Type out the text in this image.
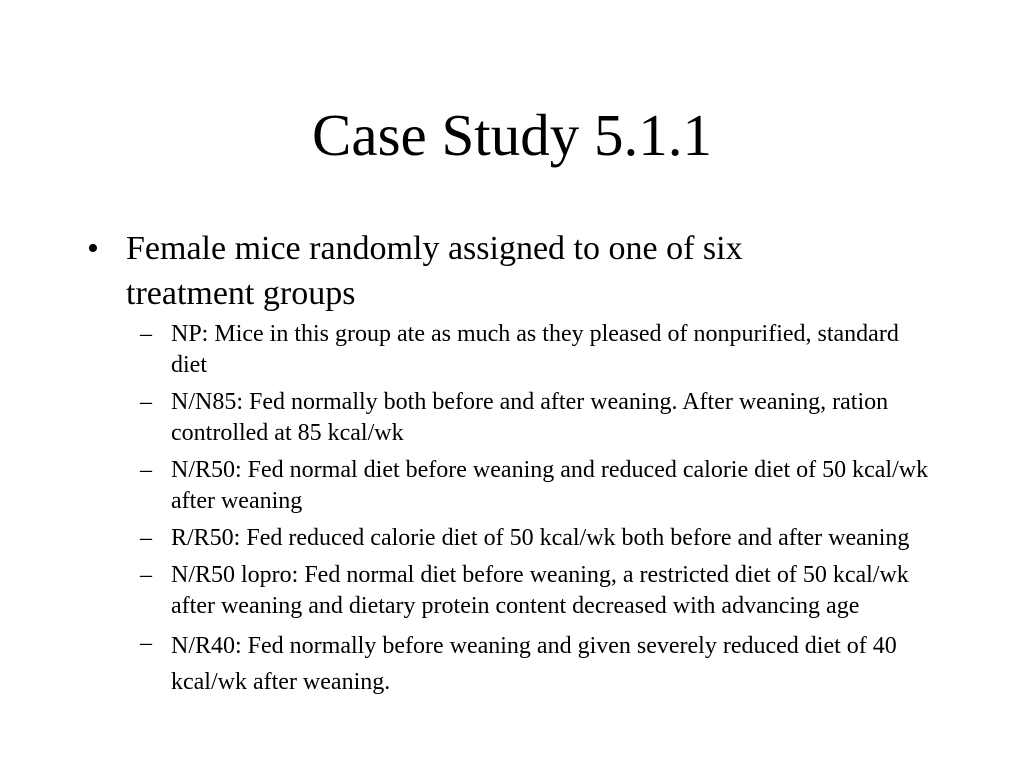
Case Study 5.1.1
• Female mice randomly assigned to one of six treatment groups
– NP: Mice in this group ate as much as they pleased of nonpurified, standard diet
– N/N85: Fed normally both before and after weaning. After weaning, ration controlled at 85 kcal/wk
– N/R50: Fed normal diet before weaning and reduced calorie diet of 50 kcal/wk after weaning
– R/R50: Fed reduced calorie diet of 50 kcal/wk both before and after weaning
– N/R50 lopro: Fed normal diet before weaning, a restricted diet of 50 kcal/wk after weaning and dietary protein content decreased with advancing age
– N/R40: Fed normally before weaning and given severely reduced diet of 40 kcal/wk after weaning.
